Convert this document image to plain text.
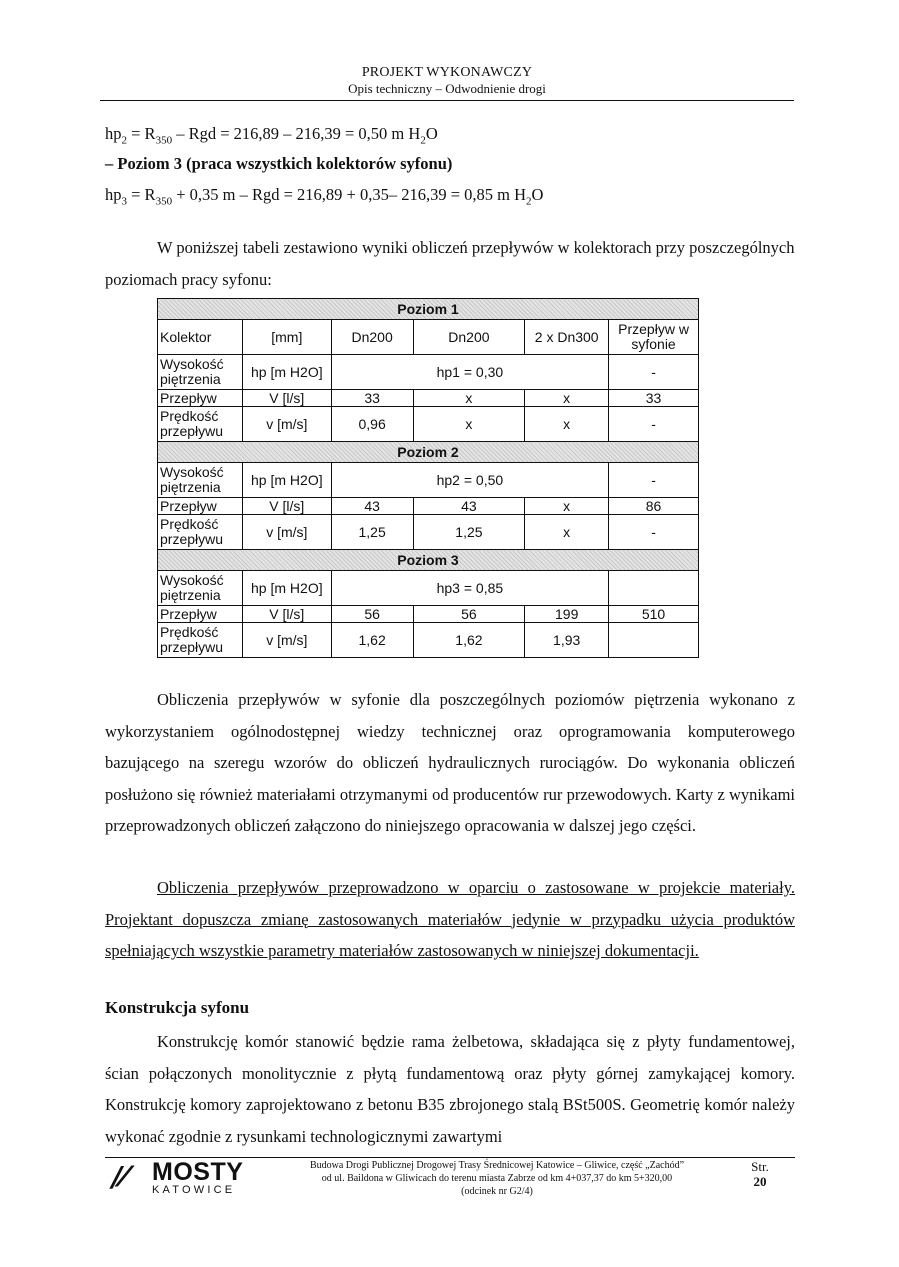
PROJEKT WYKONAWCZY
Opis techniczny – Odwodnienie drogi
$hp_2 = R_{350}$ – Rgd = 216,89 – 216,39 = 0,50 m $H_2O$
– Poziom 3 (praca wszystkich kolektorów syfonu)
$hp_3 = R_{350} + 0,35$ m – Rgd = 216,89 + 0,35– 216,39 = 0,85 m $H_2O$
W poniższej tabeli zestawiono wyniki obliczeń przepływów w kolektorach przy poszczególnych poziomach pracy syfonu:
Poziom 1					
Kolektor	[mm]	Dn200	Dn200	2 x Dn300	Przepływ w syfonie
Wysokość piętrzenia	hp [m H2O]	hp1 = 0,30			-
Przepływ	V [l/s]	33	x	x	33
Prędkość przepływu	v [m/s]	0,96	x	x	-
Poziom 2					
Wysokość piętrzenia	hp [m H2O]	hp2 = 0,50			-
Przepływ	V [l/s]	43	43	x	86
Prędkość przepływu	v [m/s]	1,25	1,25	x	-
Poziom 3					
Wysokość piętrzenia	hp [m H2O]	hp3 = 0,85			
Przepływ	V [l/s]	56	56	199	510
Prędkość przepływu	v [m/s]	1,62	1,62	1,93	
Obliczenia przepływów w syfonie dla poszczególnych poziomów piętrzenia wykonano z wykorzystaniem ogólnodostępnej wiedzy technicznej oraz oprogramowania komputerowego bazującego na szeregu wzorów do obliczeń hydraulicznych rurociągów. Do wykonania obliczeń posłużono się również materiałami otrzymanymi od producentów rur przewodowych. Karty z wynikami przeprowadzonych obliczeń załączono do niniejszego opracowania w dalszej jego części.
Obliczenia przepływów przeprowadzono w oparciu o zastosowane w projekcie materiały. Projektant dopuszcza zmianę zastosowanych materiałów jedynie w przypadku użycia produktów spełniających wszystkie parametry materiałów zastosowanych w niniejszej dokumentacji.
Konstrukcja syfonu
Konstrukcję komór stanowić będzie rama żelbetowa, składająca się z płyty fundamentowej, ścian połączonych monolitycznie z płytą fundamentową oraz płyty górnej zamykającej komory. Konstrukcję komory zaprojektowano z betonu B35 zbrojonego stalą BSt500S. Geometrię komór należy wykonać zgodnie z rysunkami technologicznymi zawartymi
/⁄ MOSTY
KATOWICE
Budowa Drogi Publicznej Drogowej Trasy Średnicowej Katowice – Gliwice, część „Zachód”
od ul. Baildona w Gliwicach do terenu miasta Zabrze od km 4+037,37 do km 5+320,00
(odcinek nr G2/4)
Str.
20
